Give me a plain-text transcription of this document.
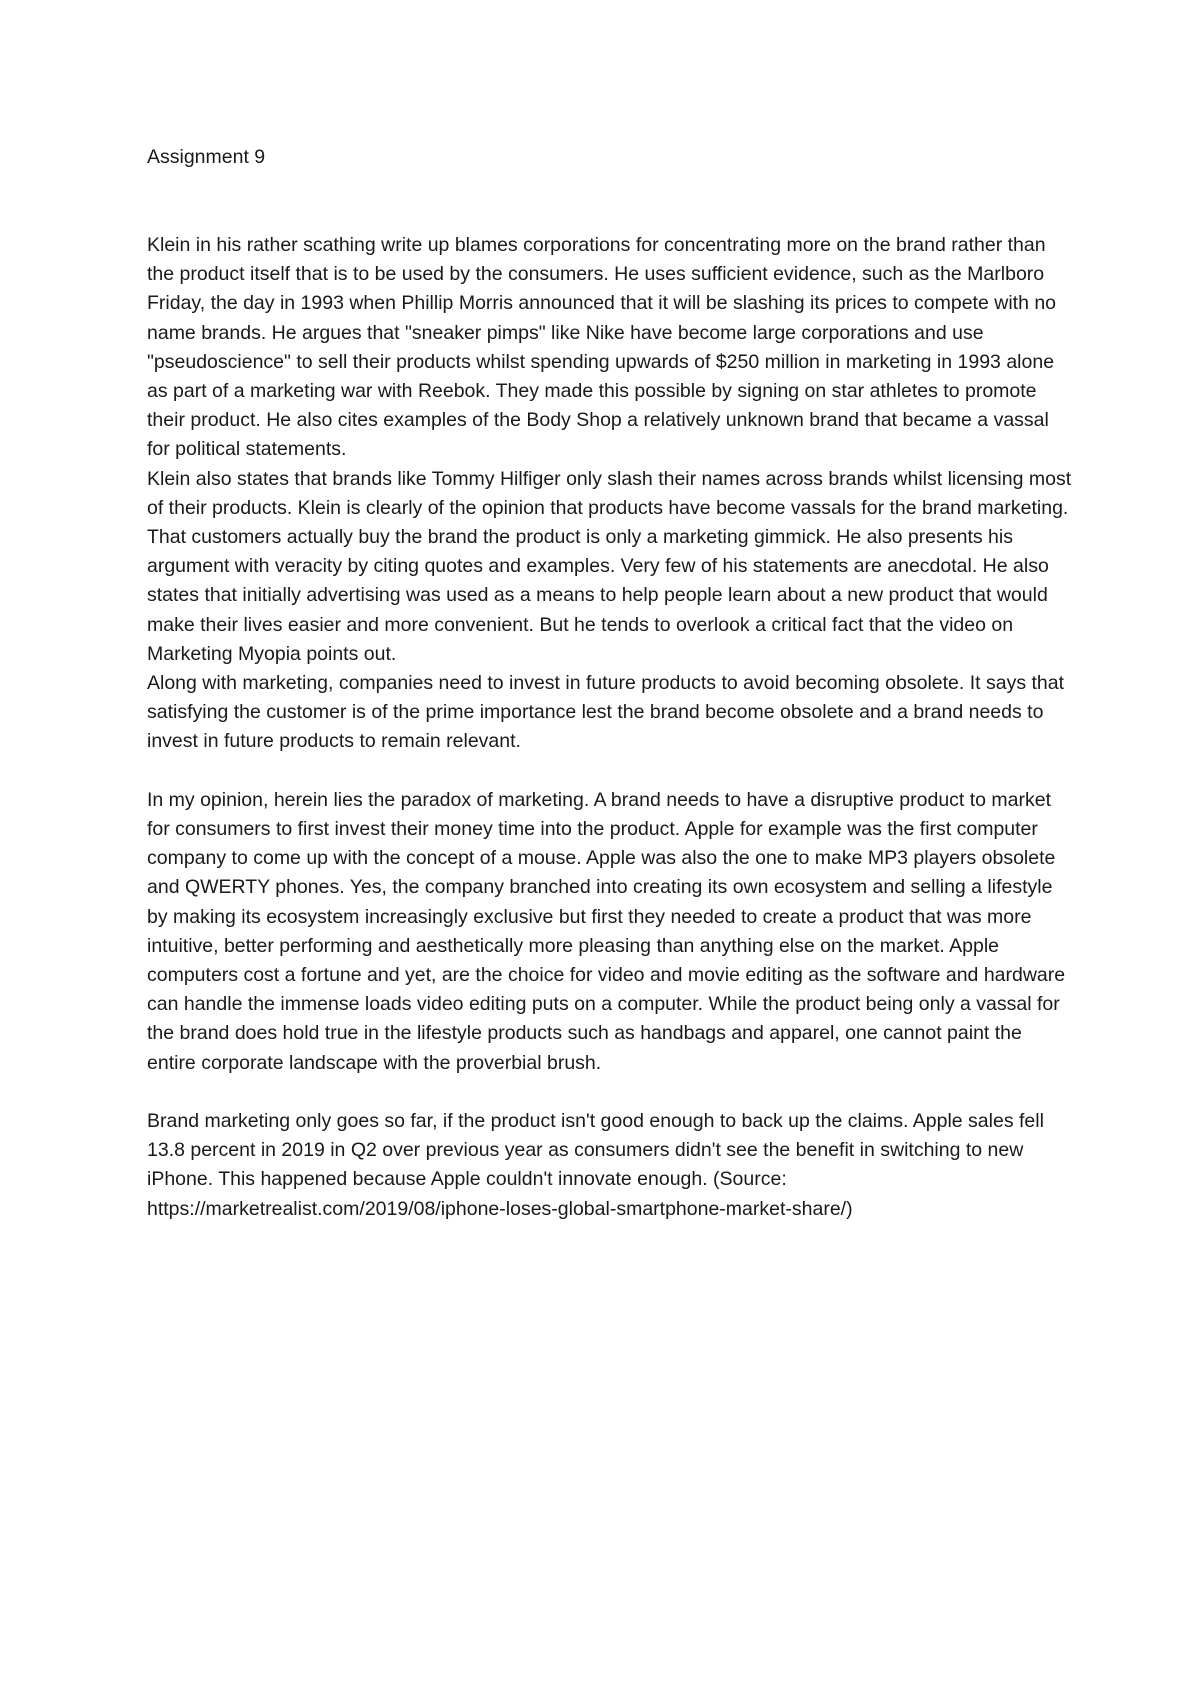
Assignment 9

Klein in his rather scathing write up blames corporations for concentrating more on the brand rather than the product itself that is to be used by the consumers. He uses sufficient evidence, such as the Marlboro Friday, the day in 1993 when Phillip Morris announced that it will be slashing its prices to compete with no name brands. He argues that "sneaker pimps" like Nike have become large corporations and use "pseudoscience" to sell their products whilst spending upwards of $250 million in marketing in 1993 alone as part of a marketing war with Reebok. They made this possible by signing on star athletes to promote their product. He also cites examples of the Body Shop a relatively unknown brand that became a vassal for political statements.

Klein also states that brands like Tommy Hilfiger only slash their names across brands whilst licensing most of their products. Klein is clearly of the opinion that products have become vassals for the brand marketing. That customers actually buy the brand the product is only a marketing gimmick. He also presents his argument with veracity by citing quotes and examples. Very few of his statements are anecdotal. He also states that initially advertising was used as a means to help people learn about a new product that would make their lives easier and more convenient. But he tends to overlook a critical fact that the video on Marketing Myopia points out.

Along with marketing, companies need to invest in future products to avoid becoming obsolete. It says that satisfying the customer is of the prime importance lest the brand become obsolete and a brand needs to invest in future products to remain relevant.

In my opinion, herein lies the paradox of marketing. A brand needs to have a disruptive product to market for consumers to first invest their money time into the product. Apple for example was the first computer company to come up with the concept of a mouse. Apple was also the one to make MP3 players obsolete and QWERTY phones. Yes, the company branched into creating its own ecosystem and selling a lifestyle by making its ecosystem increasingly exclusive but first they needed to create a product that was more intuitive, better performing and aesthetically more pleasing than anything else on the market. Apple computers cost a fortune and yet, are the choice for video and movie editing as the software and hardware can handle the immense loads video editing puts on a computer. While the product being only a vassal for the brand does hold true in the lifestyle products such as handbags and apparel, one cannot paint the entire corporate landscape with the proverbial brush.

Brand marketing only goes so far, if the product isn't good enough to back up the claims. Apple sales fell 13.8 percent in 2019 in Q2 over previous year as consumers didn't see the benefit in switching to new iPhone. This happened because Apple couldn't innovate enough. (Source: https://marketrealist.com/2019/08/iphone-loses-global-smartphone-market-share/)
